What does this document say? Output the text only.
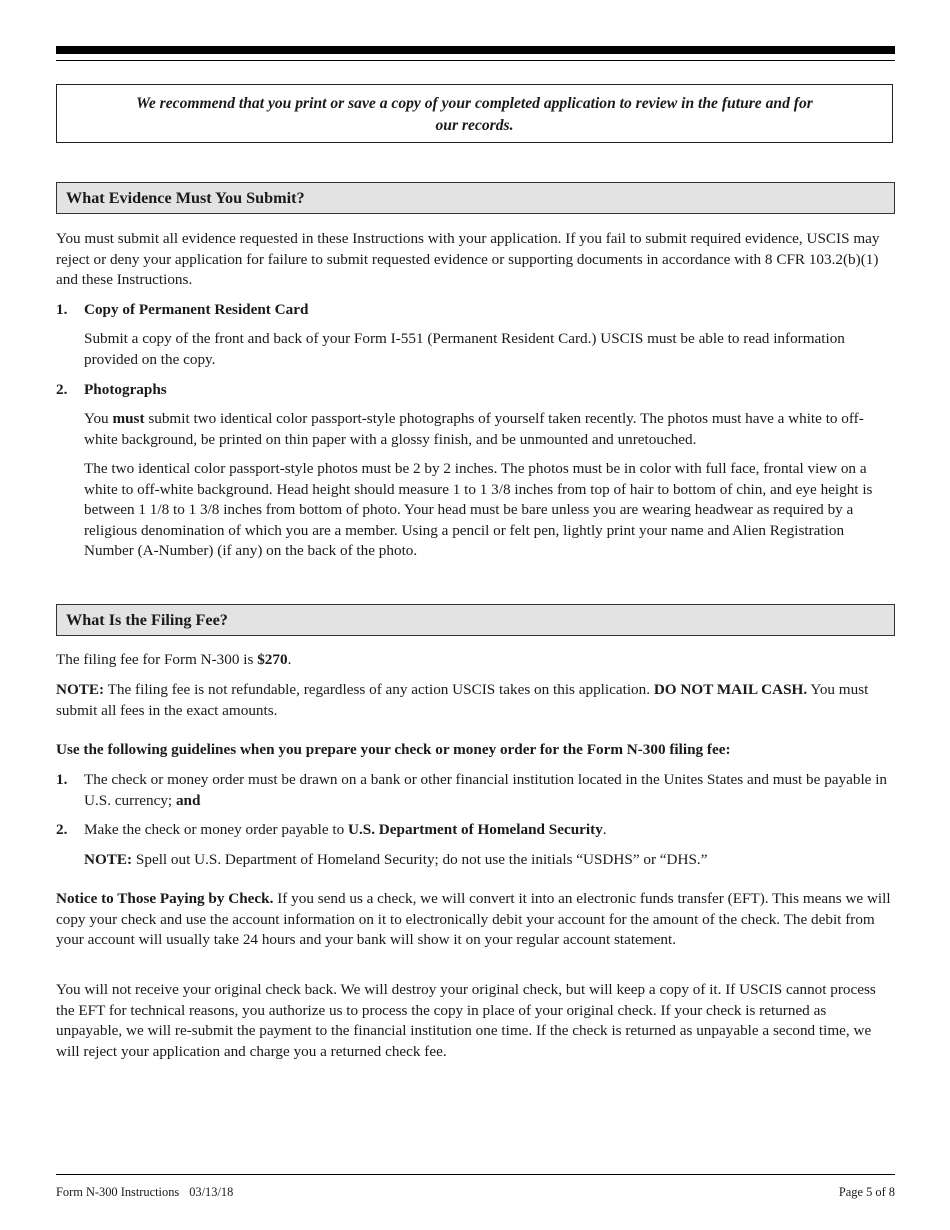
We recommend that you print or save a copy of your completed application to review in the future and for
our records.
What Evidence Must You Submit?

You must submit all evidence requested in these Instructions with your application. If you fail to submit required evidence, USCIS may reject or deny your application for failure to submit requested evidence or supporting documents in accordance with 8 CFR 103.2(b)(1) and these Instructions.

1. Copy of Permanent Resident Card

Submit a copy of the front and back of your Form I-551 (Permanent Resident Card.) USCIS must be able to read information provided on the copy.

2. Photographs

You must submit two identical color passport-style photographs of yourself taken recently. The photos must have a white to off-white background, be printed on thin paper with a glossy finish, and be unmounted and unretouched.

The two identical color passport-style photos must be 2 by 2 inches. The photos must be in color with full face, frontal view on a white to off-white background. Head height should measure 1 to 1 3/8 inches from top of hair to bottom of chin, and eye height is between 1 1/8 to 1 3/8 inches from bottom of photo. Your head must be bare unless you are wearing headwear as required by a religious denomination of which you are a member. Using a pencil or felt pen, lightly print your name and Alien Registration Number (A-Number) (if any) on the back of the photo.

What Is the Filing Fee?

The filing fee for Form N-300 is $270.

NOTE: The filing fee is not refundable, regardless of any action USCIS takes on this application. DO NOT MAIL CASH. You must submit all fees in the exact amounts.

Use the following guidelines when you prepare your check or money order for the Form N-300 filing fee:

1. The check or money order must be drawn on a bank or other financial institution located in the Unites States and must be payable in U.S. currency; and

2. Make the check or money order payable to U.S. Department of Homeland Security.

NOTE: Spell out U.S. Department of Homeland Security; do not use the initials “USDHS” or “DHS.”

Notice to Those Paying by Check. If you send us a check, we will convert it into an electronic funds transfer (EFT). This means we will copy your check and use the account information on it to electronically debit your account for the amount of the check. The debit from your account will usually take 24 hours and your bank will show it on your regular account statement.

You will not receive your original check back. We will destroy your original check, but will keep a copy of it. If USCIS cannot process the EFT for technical reasons, you authorize us to process the copy in place of your original check. If your check is returned as unpayable, we will re-submit the payment to the financial institution one time. If the check is returned as unpayable a second time, we will reject your application and charge you a returned check fee.

Form N-300 Instructions 03/13/18	Page 5 of 8
